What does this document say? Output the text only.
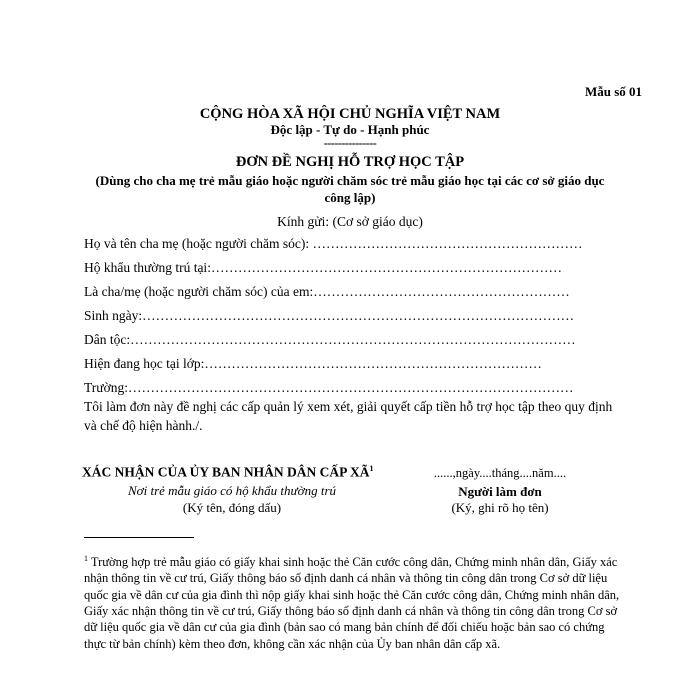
Mẫu số 01
CỘNG HÒA XÃ HỘI CHỦ NGHĨA VIỆT NAM
Độc lập - Tự do - Hạnh phúc
---------------
ĐƠN ĐỀ NGHỊ HỖ TRỢ HỌC TẬP
(Dùng cho cha mẹ trẻ mẫu giáo hoặc người chăm sóc trẻ mẫu giáo học tại các cơ sở giáo dục công lập)
Kính gửi: (Cơ sở giáo dục)
Họ và tên cha mẹ (hoặc người chăm sóc): ……………………………………………………
Hộ khẩu thường trú tại:……………………………………………………………………
Là cha/mẹ (hoặc người chăm sóc) của em:…………………………………………………
Sinh ngày:……………………………………………………………………………………
Dân tộc:………………………………………………………………………………………
Hiện đang học tại lớp:…………………………………………………………………
Trường:………………………………………………………………………………………
Tôi làm đơn này đề nghị các cấp quản lý xem xét, giải quyết cấp tiền hỗ trợ học tập theo quy định và chế độ hiện hành./.
XÁC NHẬN CỦA ỦY BAN NHÂN DÂN CẤP $XÃ^1$
Nơi trẻ mẫu giáo có hộ khẩu thường trú
(Ký tên, đóng dấu)
......,ngày....tháng....năm....
Người làm đơn
(Ký, ghi rõ họ tên)
$^1$ Trường hợp trẻ mẫu giáo có giấy khai sinh hoặc thẻ Căn cước công dân, Chứng minh nhân dân, Giấy xác nhận thông tin về cư trú, Giấy thông báo số định danh cá nhân và thông tin công dân trong Cơ sở dữ liệu quốc gia về dân cư của gia đình thì nộp giấy khai sinh hoặc thẻ Căn cước công dân, Chứng minh nhân dân, Giấy xác nhận thông tin về cư trú, Giấy thông báo số định danh cá nhân và thông tin công dân trong Cơ sở dữ liệu quốc gia về dân cư của gia đình (bản sao có mang bản chính để đối chiếu hoặc bản sao có chứng thực từ bản chính) kèm theo đơn, không cần xác nhận của Ủy ban nhân dân cấp xã.
